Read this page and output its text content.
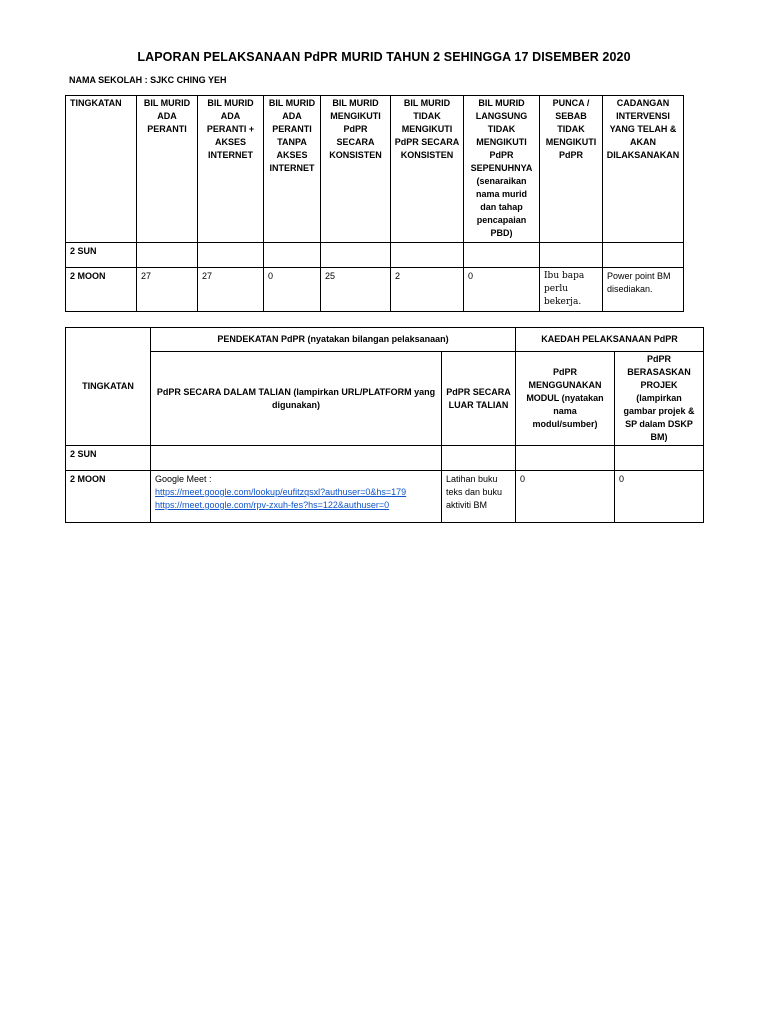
LAPORAN PELAKSANAAN PdPR MURID TAHUN 2 SEHINGGA 17 DISEMBER 2020
NAMA SEKOLAH : SJKC CHING YEH
TINGKATAN	BIL MURID ADA PERANTI	BIL MURID ADA PERANTI + AKSES INTERNET	BIL MURID ADA PERANTI TANPA AKSES INTERNET	BIL MURID MENGIKUTI PdPR SECARA KONSISTEN	BIL MURID TIDAK MENGIKUTI PdPR SECARA KONSISTEN	BIL MURID LANGSUNG TIDAK MENGIKUTI PdPR SEPENUHNYA (senaraikan nama murid dan tahap pencapaian PBD)	PUNCA / SEBAB TIDAK MENGIKUTI PdPR	CADANGAN INTERVENSI YANG TELAH & AKAN DILAKSANAKAN
2 SUN								
2 MOON	27	27	0	25	2	0	Ibu bapa perlu bekerja.	Power point BM disediakan.
TINGKATAN	PENDEKATAN PdPR (nyatakan bilangan pelaksanaan)		KAEDAH PELAKSANAAN PdPR	
	PdPR SECARA DALAM TALIAN (lampirkan URL/PLATFORM yang digunakan)	PdPR SECARA LUAR TALIAN	PdPR MENGGUNAKAN MODUL (nyatakan nama modul/sumber)	PdPR BERASASKAN PROJEK (lampirkan gambar projek & SP dalam DSKP BM)
2 SUN				
2 MOON	Google Meet :
https://meet.google.com/lookup/eufitzqsxl?authuser=0&hs=179
https://meet.google.com/rpv-zxuh-fes?hs=122&authuser=0	Latihan buku teks dan buku aktiviti BM	0	0
